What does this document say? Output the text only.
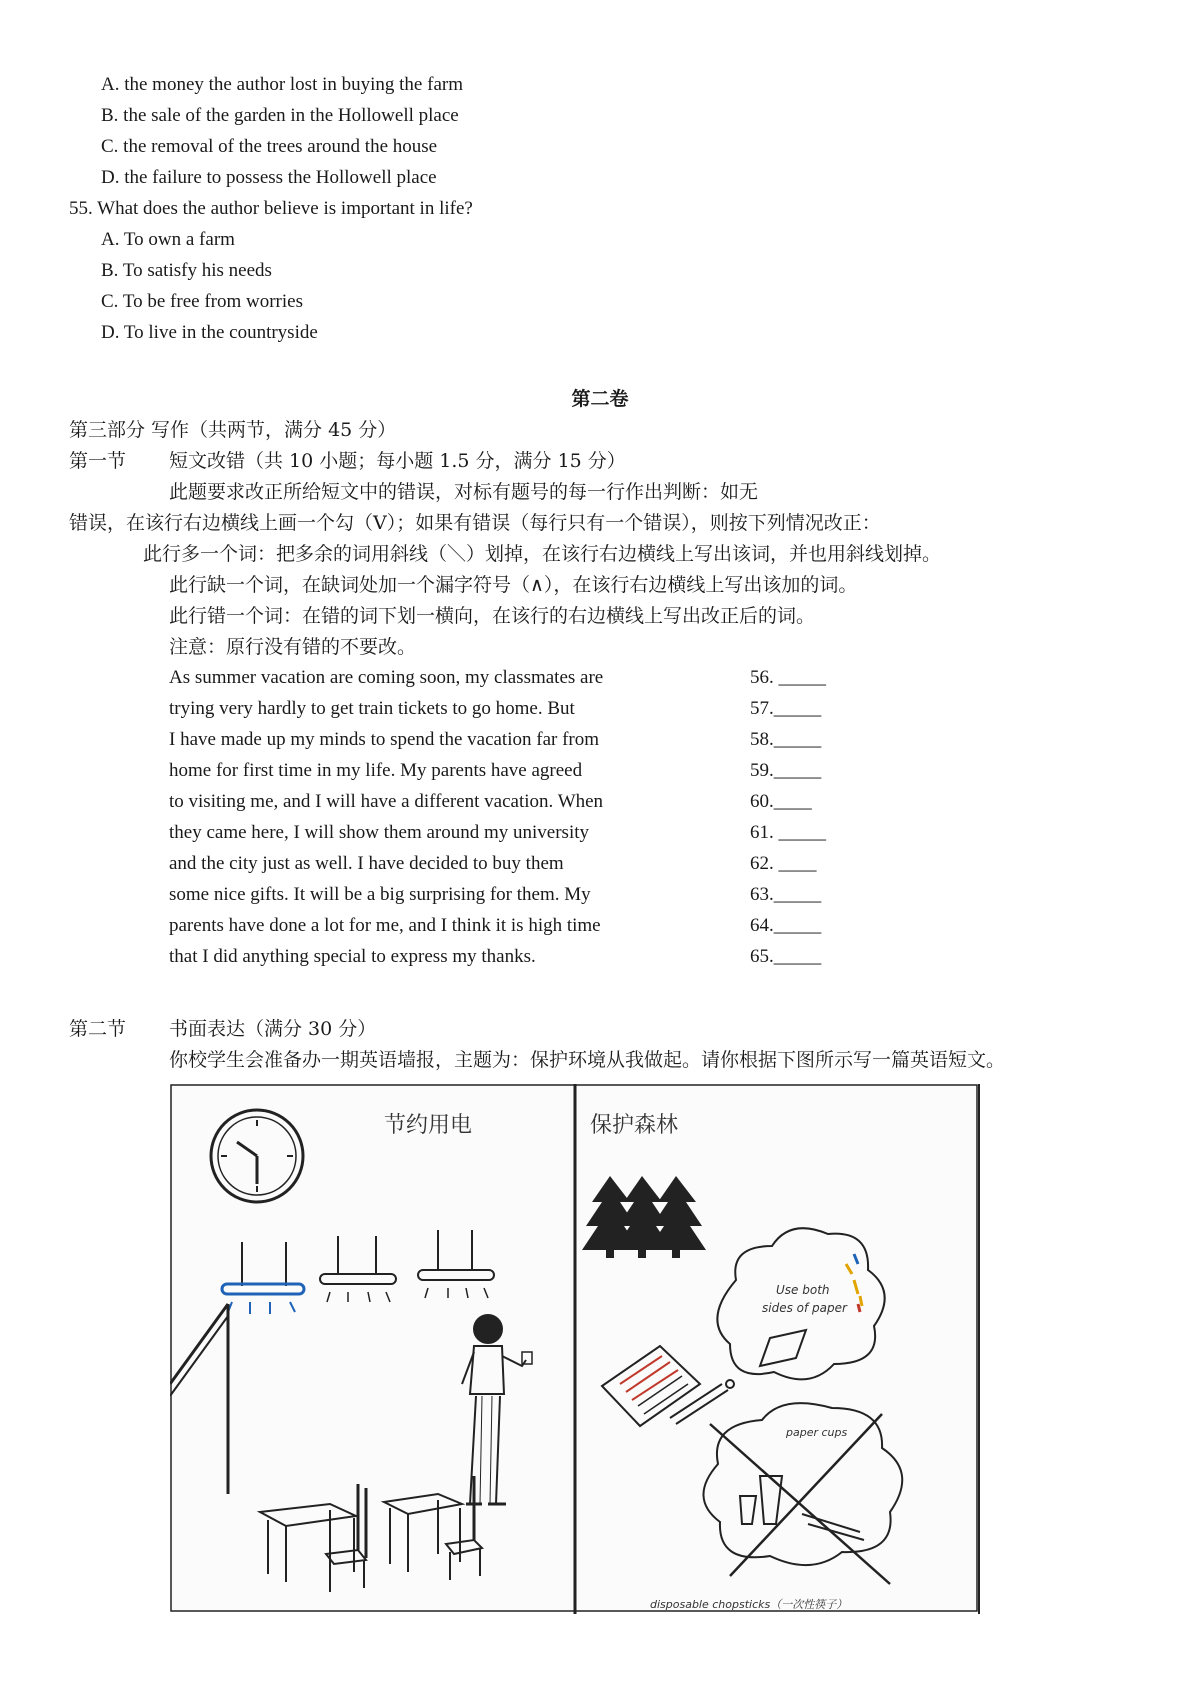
A. the money the author lost in buying the farm
B. the sale of the garden in the Hollowell place
C. the removal of the trees around the house
D. the failure to possess the Hollowell place
55. What does the author believe is important in life?
A. To own a farm
B. To satisfy his needs
C. To be free from worries
D. To live in the countryside
第二卷
第三部分 写作（共两节，满分 45 分）
第一节 短文改错（共 10 小题；每小题 1.5 分，满分 15 分）
此题要求改正所给短文中的错误，对标有题号的每一行作出判断：如无
错误，在该行右边横线上画一个勾（V）；如果有错误（每行只有一个错误），则按下列情况改正：
此行多一个词：把多余的词用斜线（＼）划掉，在该行右边横线上写出该词，并也用斜线划掉。
此行缺一个词，在缺词处加一个漏字符号（∧），在该行右边横线上写出该加的词。
此行错一个词：在错的词下划一横向，在该行的右边横线上写出改正后的词。
注意：原行没有错的不要改。
As summer vacation are coming soon, my classmates are	56. _____
trying very hardly to get train tickets to go home. But	57._____
I have made up my minds to spend the vacation far from	58._____
home for first time in my life. My parents have agreed	59._____
to visiting me, and I will have a different vacation. When	60.____
they came here, I will show them around my university	61. _____
and the city just as well. I have decided to buy them	62. ____
some nice gifts. It will be a big surprising for them. My	63._____
parents have done a lot for me, and I think it is high time	64._____
that I did anything special to express my thanks.	65._____
第二节 书面表达（满分 30 分）
你校学生会准备办一期英语墙报，主题为：保护环境从我做起。请你根据下图所示写一篇英语短文。
节约用电	保护森林
Use both
sides of paper
paper cups
disposable chopsticks（一次性筷子）
